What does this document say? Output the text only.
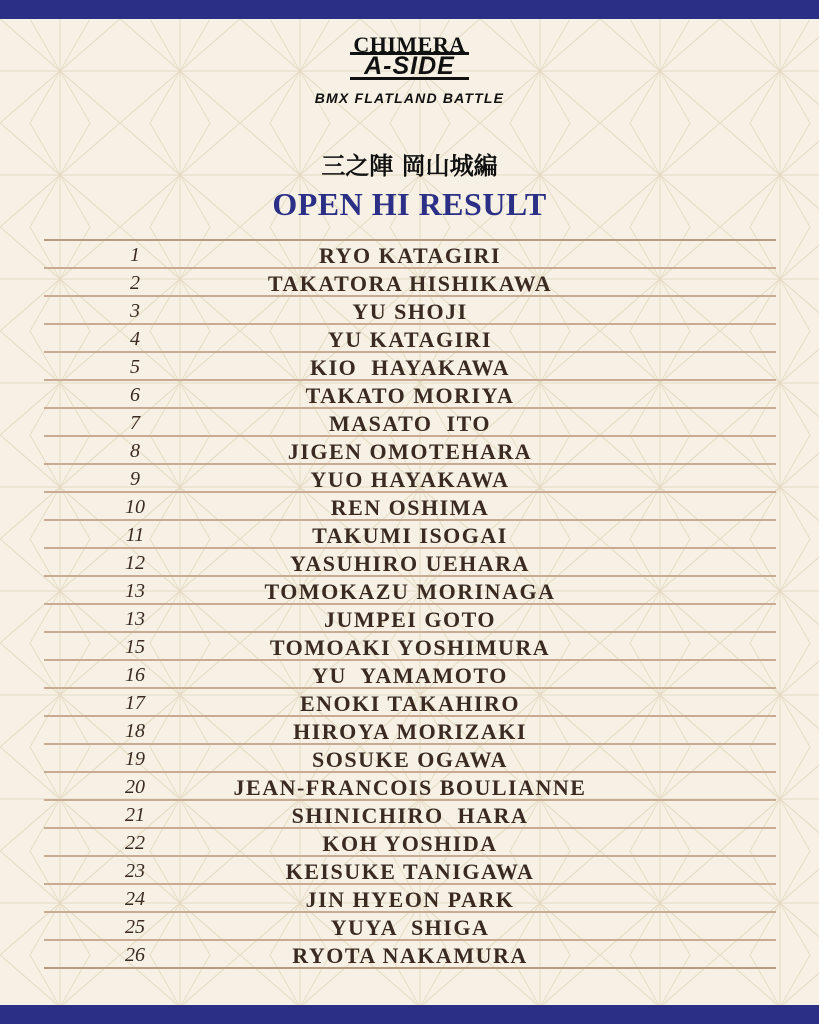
CHIMERA
A-SIDE
BMX FLATLAND BATTLE
三之陣 岡山城編
OPEN HI RESULT
1	RYO KATAGIRI
2	TAKATORA HISHIKAWA
3	YU SHOJI
4	YU KATAGIRI
5	KIO  HAYAKAWA
6	TAKATO MORIYA
7	MASATO  ITO
8	JIGEN OMOTEHARA
9	YUO HAYAKAWA
10	REN OSHIMA
11	TAKUMI ISOGAI
12	YASUHIRO UEHARA
13	TOMOKAZU MORINAGA
13	JUMPEI GOTO
15	TOMOAKI YOSHIMURA
16	YU  YAMAMOTO
17	ENOKI TAKAHIRO
18	HIROYA MORIZAKI
19	SOSUKE OGAWA
20	JEAN-FRANCOIS BOULIANNE
21	SHINICHIRO  HARA
22	KOH YOSHIDA
23	KEISUKE TANIGAWA
24	JIN HYEON PARK
25	YUYA  SHIGA
26	RYOTA NAKAMURA
